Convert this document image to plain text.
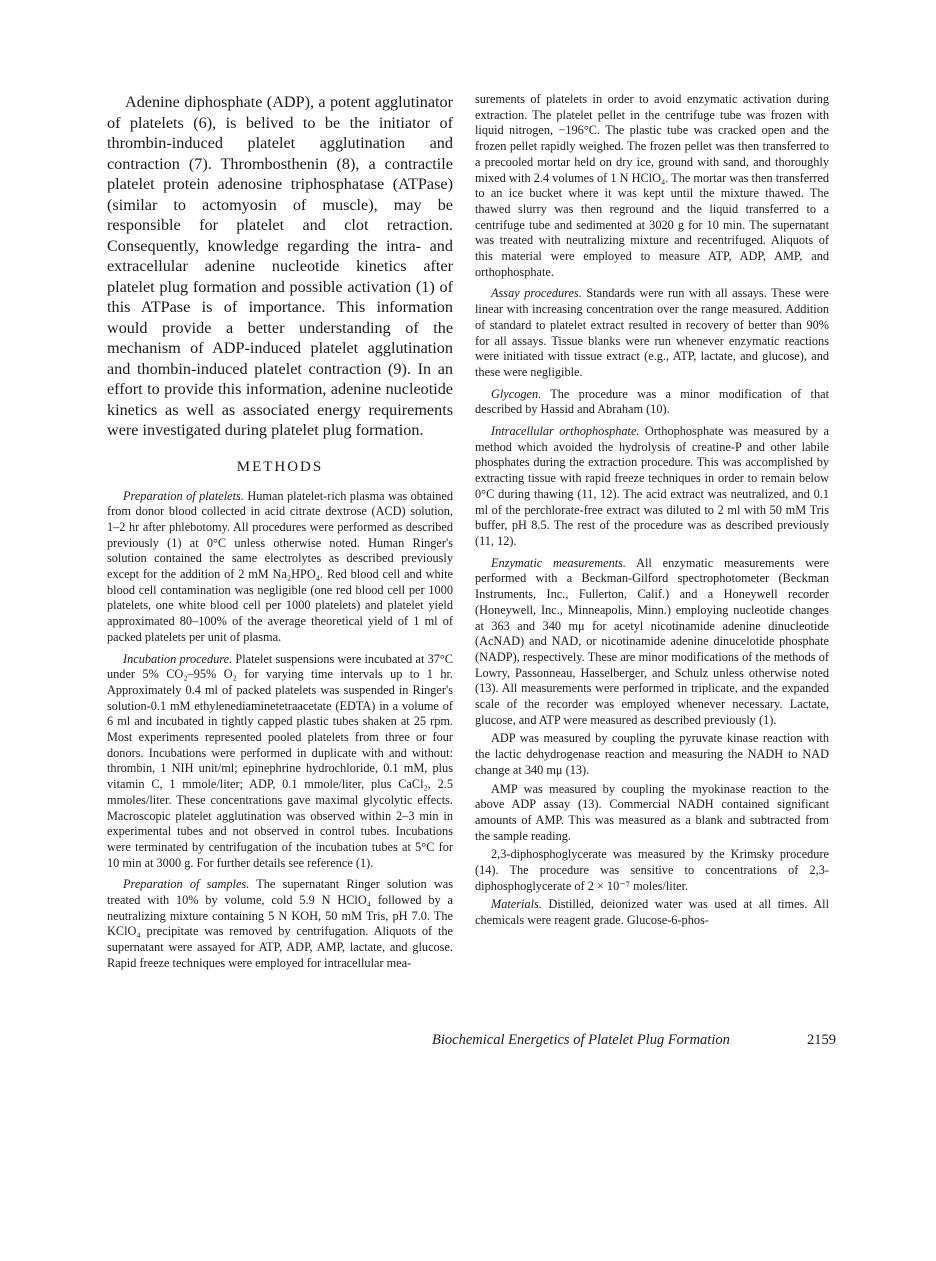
Adenine diphosphate (ADP), a potent agglutinator of platelets (6), is belived to be the initiator of thrombin-induced platelet agglutination and contraction (7). Thrombosthenin (8), a contractile platelet protein adenosine triphosphatase (ATPase) (similar to actomyosin of muscle), may be responsible for platelet and clot retraction. Consequently, knowledge regarding the intra- and extracellular adenine nucleotide kinetics after platelet plug formation and possible activation (1) of this ATPase is of importance. This information would provide a better understanding of the mechanism of ADP-induced platelet agglutination and thombin-induced platelet contraction (9). In an effort to provide this information, adenine nucleotide kinetics as well as associated energy requirements were investigated during platelet plug formation.

METHODS

Preparation of platelets. Human platelet-rich plasma was obtained from donor blood collected in acid citrate dextrose (ACD) solution, 1–2 hr after phlebotomy. All procedures were performed as described previously (1) at 0°C unless otherwise noted. Human Ringer's solution contained the same electrolytes as described previously except for the addition of 2 mM Na₂HPO₄. Red blood cell and white blood cell contamination was negligible (one red blood cell per 1000 platelets, one white blood cell per 1000 platelets) and platelet yield approximated 80–100% of the average theoretical yield of 1 ml of packed platelets per unit of plasma.

Incubation procedure. Platelet suspensions were incubated at 37°C under 5% CO₂–95% O₂ for varying time intervals up to 1 hr. Approximately 0.4 ml of packed platelets was suspended in Ringer's solution-0.1 mM ethylenediaminetetraacetate (EDTA) in a volume of 6 ml and incubated in tightly capped plastic tubes shaken at 25 rpm. Most experiments represented pooled platelets from three or four donors. Incubations were performed in duplicate with and without: thrombin, 1 NIH unit/ml; epinephrine hydrochloride, 0.1 mM, plus vitamin C, 1 mmole/liter; ADP, 0.1 mmole/liter, plus CaCl₂, 2.5 mmoles/liter. These concentrations gave maximal glycolytic effects. Macroscopic platelet agglutination was observed within 2–3 min in experimental tubes and not observed in control tubes. Incubations were terminated by centrifugation of the incubation tubes at 5°C for 10 min at 3000 g. For further details see reference (1).

Preparation of samples. The supernatant Ringer solution was treated with 10% by volume, cold 5.9 N HClO₄ followed by a neutralizing mixture containing 5 N KOH, 50 mM Tris, pH 7.0. The KClO₄ precipitate was removed by centrifugation. Aliquots of the supernatant were assayed for ATP, ADP, AMP, lactate, and glucose. Rapid freeze techniques were employed for intracellular mea-

surements of platelets in order to avoid enzymatic activation during extraction. The platelet pellet in the centrifuge tube was frozen with liquid nitrogen, −196°C. The plastic tube was cracked open and the frozen pellet rapidly weighed. The frozen pellet was then transferred to a precooled mortar held on dry ice, ground with sand, and thoroughly mixed with 2.4 volumes of 1 N HClO₄. The mortar was then transferred to an ice bucket where it was kept until the mixture thawed. The thawed slurry was then reground and the liquid transferred to a centrifuge tube and sedimented at 3020 g for 10 min. The supernatant was treated with neutralizing mixture and recentrifuged. Aliquots of this material were employed to measure ATP, ADP, AMP, and orthophosphate.

Assay procedures. Standards were run with all assays. These were linear with increasing concentration over the range measured. Addition of standard to platelet extract resulted in recovery of better than 90% for all assays. Tissue blanks were run whenever enzymatic reactions were initiated with tissue extract (e.g., ATP, lactate, and glucose), and these were negligible.

Glycogen. The procedure was a minor modification of that described by Hassid and Abraham (10).

Intracellular orthophosphate. Orthophosphate was measured by a method which avoided the hydrolysis of creatine-P and other labile phosphates during the extraction procedure. This was accomplished by extracting tissue with rapid freeze techniques in order to remain below 0°C during thawing (11, 12). The acid extract was neutralized, and 0.1 ml of the perchlorate-free extract was diluted to 2 ml with 50 mM Tris buffer, pH 8.5. The rest of the procedure was as described previously (11, 12).

Enzymatic measurements. All enzymatic measurements were performed with a Beckman-Gilford spectrophotometer (Beckman Instruments, Inc., Fullerton, Calif.) and a Honeywell recorder (Honeywell, Inc., Minneapolis, Minn.) employing nucleotide changes at 363 and 340 mμ for acetyl nicotinamide adenine dinucleotide (AcNAD) and NAD, or nicotinamide adenine dinucelotide phosphate (NADP), respectively. These are minor modifications of the methods of Lowry, Passonneau, Hasselberger, and Schulz unless otherwise noted (13). All measurements were performed in triplicate, and the expanded scale of the recorder was employed whenever necessary. Lactate, glucose, and ATP were measured as described previously (1).

ADP was measured by coupling the pyruvate kinase reaction with the lactic dehydrogenase reaction and measuring the NADH to NAD change at 340 mμ (13).

AMP was measured by coupling the myokinase reaction to the above ADP assay (13). Commercial NADH contained significant amounts of AMP. This was measured as a blank and subtracted from the sample reading.

2,3-diphosphoglycerate was measured by the Krimsky procedure (14). The procedure was sensitive to concentrations of 2,3-diphosphoglycerate of 2 × 10⁻⁷ moles/liter.

Materials. Distilled, deionized water was used at all times. All chemicals were reagent grade. Glucose-6-phos-

Biochemical Energetics of Platelet Plug Formation	2159
